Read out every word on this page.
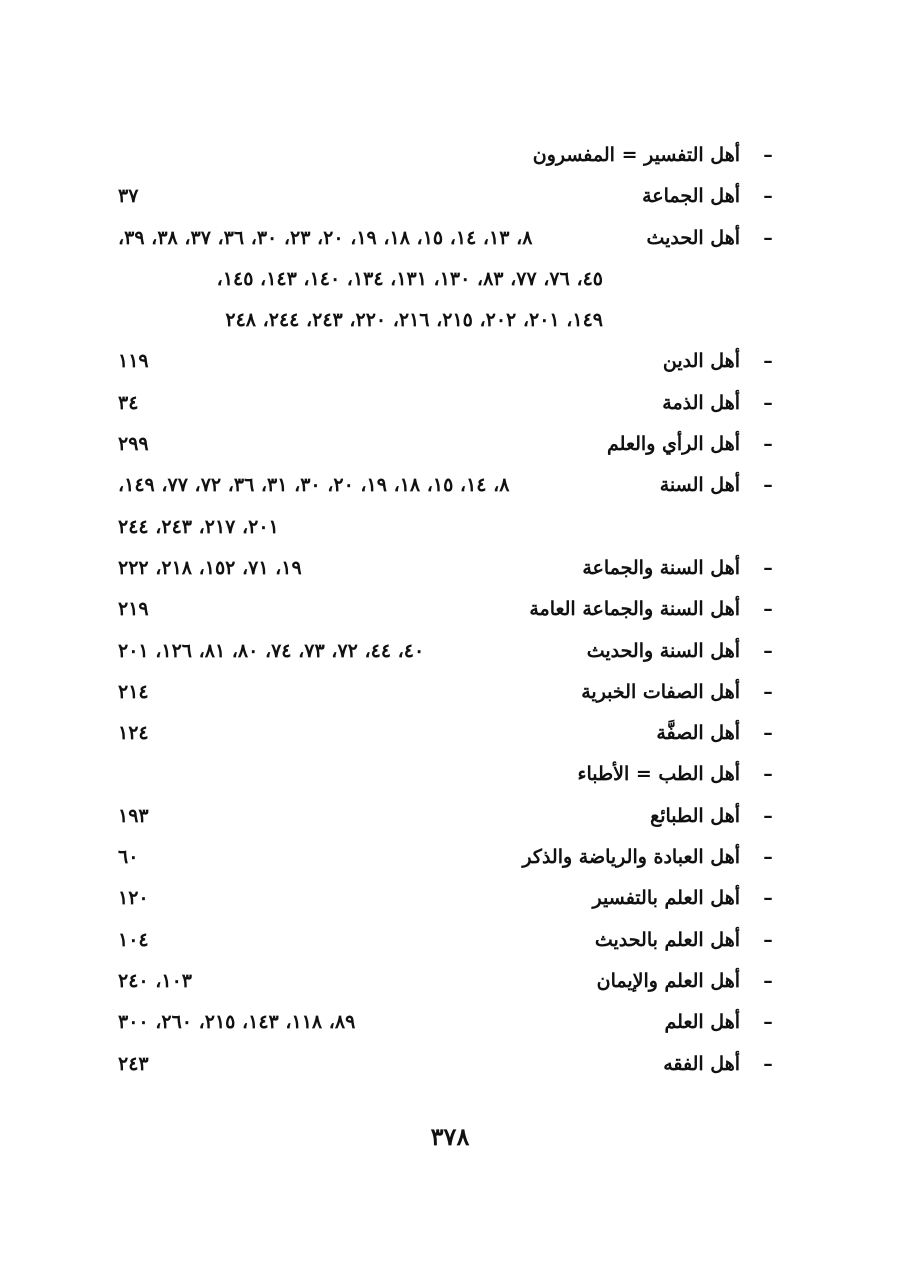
–
أهل التفسير = المفسرون
–
أهل الجماعة
٣٧
–
أهل الحديث
٨، ١٣، ١٤، ١٥، ١٨، ١٩، ٢٠، ٢٣، ٣٠، ٣٦، ٣٧، ٣٨، ٣٩،
٤٥، ٧٦، ٧٧، ٨٣، ١٣٠، ١٣١، ١٣٤، ١٤٠، ١٤٣، ١٤٥،
١٤٩، ٢٠١، ٢٠٢، ٢١٥، ٢١٦، ٢٢٠، ٢٤٣، ٢٤٤، ٢٤٨
–
أهل الدين
١١٩
–
أهل الذمة
٣٤
–
أهل الرأي والعلم
٢٩٩
–
أهل السنة
٨، ١٤، ١٥، ١٨، ١٩، ٢٠، ٣٠، ٣١، ٣٦، ٧٢، ٧٧، ١٤٩،
٢٠١، ٢١٧، ٢٤٣، ٢٤٤
–
أهل السنة والجماعة
١٩، ٧١، ١٥٢، ٢١٨، ٢٢٢
–
أهل السنة والجماعة العامة
٢١٩
–
أهل السنة والحديث
٤٠، ٤٤، ٧٢، ٧٣، ٧٤، ٨٠، ٨١، ١٢٦، ٢٠١
–
أهل الصفات الخبرية
٢١٤
–
أهل الصفَّة
١٢٤
–
أهل الطب = الأطباء
–
أهل الطبائع
١٩٣
–
أهل العبادة والرياضة والذكر
٦٠
–
أهل العلم بالتفسير
١٢٠
–
أهل العلم بالحديث
١٠٤
–
أهل العلم والإيمان
١٠٣، ٢٤٠
–
أهل العلم
٨٩، ١١٨، ١٤٣، ٢١٥، ٢٦٠، ٣٠٠
–
أهل الفقه
٢٤٣
٣٧٨
